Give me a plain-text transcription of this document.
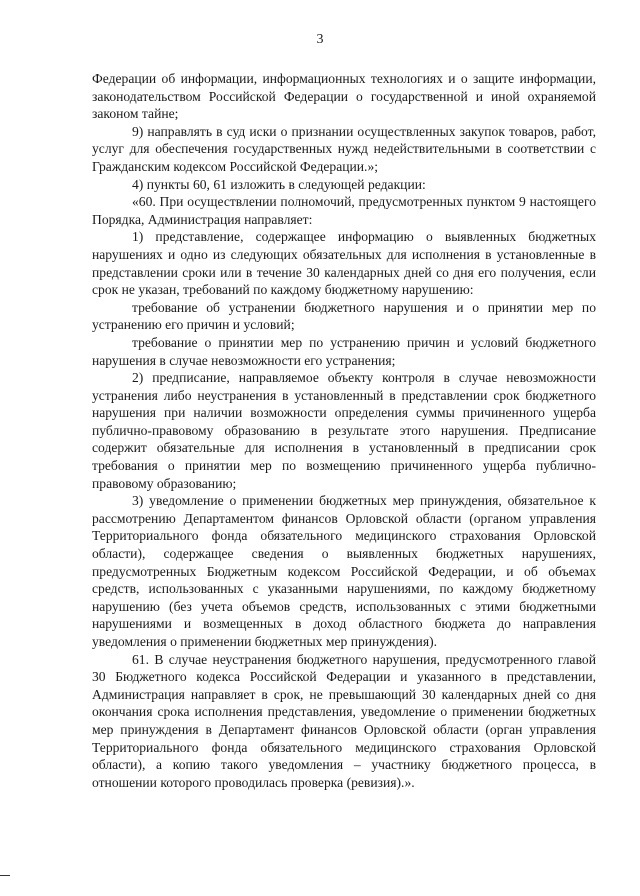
3

Федерации об информации, информационных технологиях и о защите информации, законодательством Российской Федерации о государственной и иной охраняемой законом тайне;

9) направлять в суд иски о признании осуществленных закупок товаров, работ, услуг для обеспечения государственных нужд недействительными в соответствии с Гражданским кодексом Российской Федерации.»;

4) пункты 60, 61 изложить в следующей редакции:

«60. При осуществлении полномочий, предусмотренных пунктом 9 настоящего Порядка, Администрация направляет:

1) представление, содержащее информацию о выявленных бюджетных нарушениях и одно из следующих обязательных для исполнения в установленные в представлении сроки или в течение 30 календарных дней со дня его получения, если срок не указан, требований по каждому бюджетному нарушению:

требование об устранении бюджетного нарушения и о принятии мер по устранению его причин и условий;

требование о принятии мер по устранению причин и условий бюджетного нарушения в случае невозможности его устранения;

2) предписание, направляемое объекту контроля в случае невозможности устранения либо неустранения в установленный в представлении срок бюджетного нарушения при наличии возможности определения суммы причиненного ущерба публично-правовому образованию в результате этого нарушения. Предписание содержит обязательные для исполнения в установленный в предписании срок требования о принятии мер по возмещению причиненного ущерба публично-правовому образованию;

3) уведомление о применении бюджетных мер принуждения, обязательное к рассмотрению Департаментом финансов Орловской области (органом управления Территориального фонда обязательного медицинского страхования Орловской области), содержащее сведения о выявленных бюджетных нарушениях, предусмотренных Бюджетным кодексом Российской Федерации, и об объемах средств, использованных с указанными нарушениями, по каждому бюджетному нарушению (без учета объемов средств, использованных с этими бюджетными нарушениями и возмещенных в доход областного бюджета до направления уведомления о применении бюджетных мер принуждения).

61. В случае неустранения бюджетного нарушения, предусмотренного главой 30 Бюджетного кодекса Российской Федерации и указанного в представлении, Администрация направляет в срок, не превышающий 30 календарных дней со дня окончания срока исполнения представления, уведомление о применении бюджетных мер принуждения в Департамент финансов Орловской области (орган управления Территориального фонда обязательного медицинского страхования Орловской области), а копию такого уведомления – участнику бюджетного процесса, в отношении которого проводилась проверка (ревизия).».
